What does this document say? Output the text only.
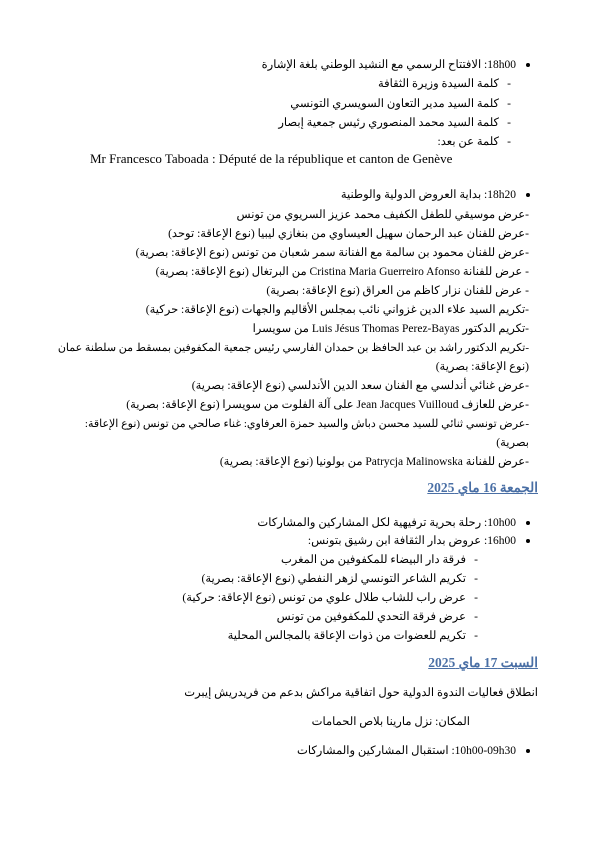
18h00: الافتتاح الرسمي مع النشيد الوطني بلغة الإشارة
كلمة السيدة وزيرة الثقافة -
كلمة السيد مدير التعاون السويسري التونسي -
كلمة السيد محمد المنصوري رئيس جمعية إبصار -
كلمة عن بعد: -
Mr Francesco Taboada : Député de la république et canton de Genève
18h20: بداية العروض الدولية والوطنية
-عرض موسيقي للطفل الكفيف محمد عزيز السريوي من تونس
-عرض للفنان عبد الرحمان سهيل العيساوي من بنغازي ليبيا (نوع الإعاقة: توحد)
-عرض للفنان محمود بن سالمة مع الفنانة سمر شعبان من تونس (نوع الإعاقة: بصرية)
- عرض للفنانة Cristina Maria Guerreiro Afonso من البرتغال (نوع الإعاقة: بصرية)
- عرض للفنان نزار كاظم من العراق (نوع الإعاقة: بصرية)
-تكريم السيد علاء الدين غزواني نائب بمجلس الأقاليم والجهات (نوع الإعاقة: حركية)
-تكريم الدكتور Luis Jésus Thomas Perez-Bayas من سويسرا
-تكريم الدكتور راشد بن عبد الحافظ بن حمدان الفارسي رئيس جمعية المكفوفين بمسقط من سلطنة عمان
(نوع الإعاقة: بصرية)
-عرض غنائي أندلسي مع الفنان سعد الدين الأندلسي (نوع الإعاقة: بصرية)
-عرض للعازف Jean Jacques Vuilloud على آلة الفلوت من سويسرا (نوع الإعاقة: بصرية)
-عرض تونسي ثنائي للسيد محسن دباش والسيد حمزة العرفاوي: غناء صالحي من تونس (نوع الإعاقة:
بصرية)
-عرض للفنانة Patrycja Malinowska من بولونيا (نوع الإعاقة: بصرية)
الجمعة 16 ماي 2025
10h00: رحلة بحرية ترفيهية لكل المشاركين والمشاركات
16h00: عروض بدار الثقافة ابن رشيق بتونس:
فرقة دار البيضاء للمكفوفين من المغرب -
تكريم الشاعر التونسي لزهر النفطي (نوع الإعاقة: بصرية) -
عرض راب للشاب طلال علوي من تونس (نوع الإعاقة: حركية) -
عرض فرقة التحدي للمكفوفين من تونس -
تكريم للعضوات من ذوات الإعاقة بالمجالس المحلية -
السبت 17 ماي 2025
انطلاق فعاليات الندوة الدولية حول اتفاقية مراكش بدعم من فريدريش إيبرت
المكان: نزل مارينا بلاص الحمامات
10h00-09h30: استقبال المشاركين والمشاركات
